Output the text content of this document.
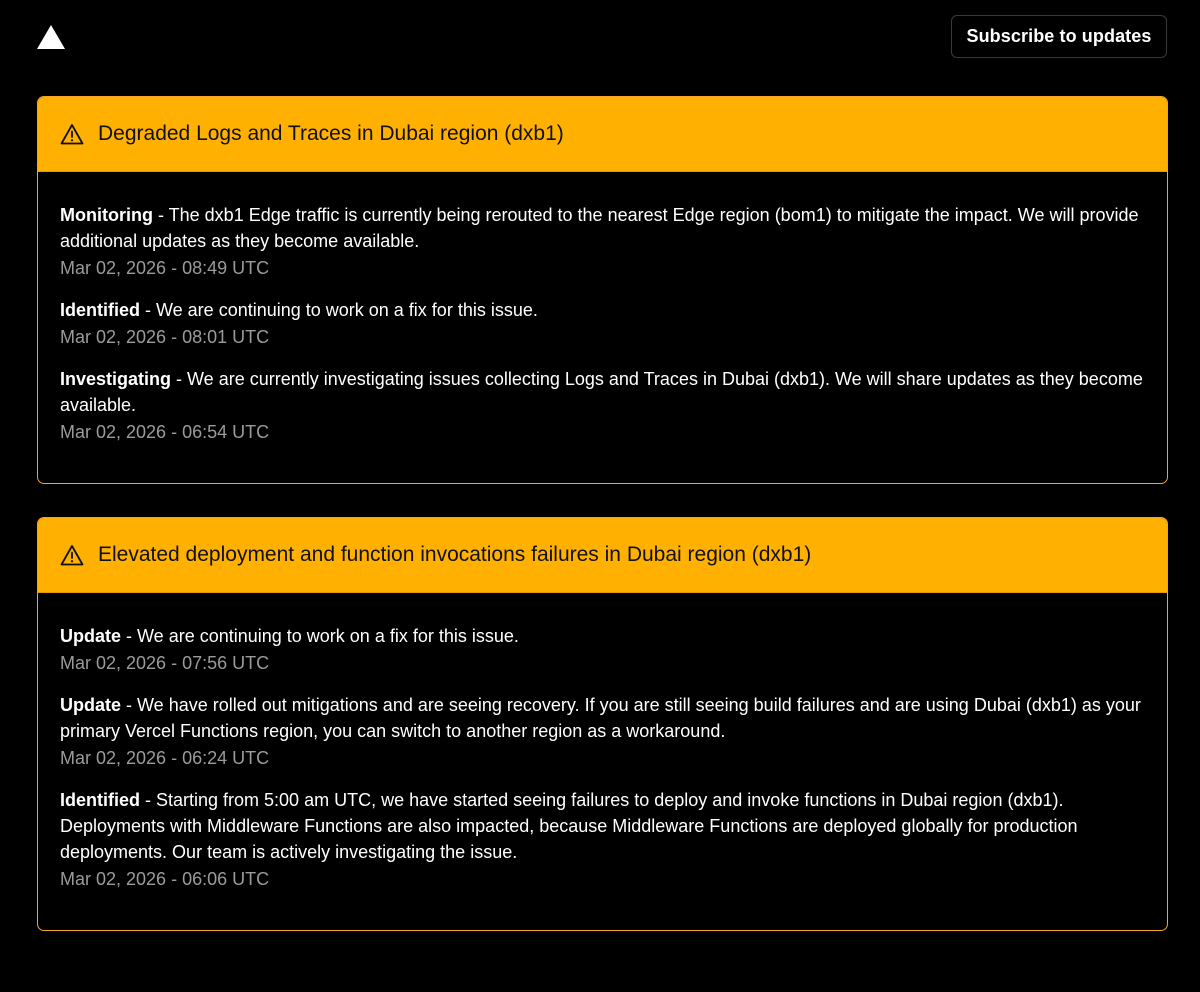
Subscribe to updates
Degraded Logs and Traces in Dubai region (dxb1)
Monitoring - The dxb1 Edge traffic is currently being rerouted to the nearest Edge region (bom1) to mitigate the impact. We will provide additional updates as they become available.
Mar 02, 2026 - 08:49 UTC
Identified - We are continuing to work on a fix for this issue.
Mar 02, 2026 - 08:01 UTC
Investigating - We are currently investigating issues collecting Logs and Traces in Dubai (dxb1). We will share updates as they become available.
Mar 02, 2026 - 06:54 UTC
Elevated deployment and function invocations failures in Dubai region (dxb1)
Update - We are continuing to work on a fix for this issue.
Mar 02, 2026 - 07:56 UTC
Update - We have rolled out mitigations and are seeing recovery. If you are still seeing build failures and are using Dubai (dxb1) as your primary Vercel Functions region, you can switch to another region as a workaround.
Mar 02, 2026 - 06:24 UTC
Identified - Starting from 5:00 am UTC, we have started seeing failures to deploy and invoke functions in Dubai region (dxb1). Deployments with Middleware Functions are also impacted, because Middleware Functions are deployed globally for production deployments. Our team is actively investigating the issue.
Mar 02, 2026 - 06:06 UTC
